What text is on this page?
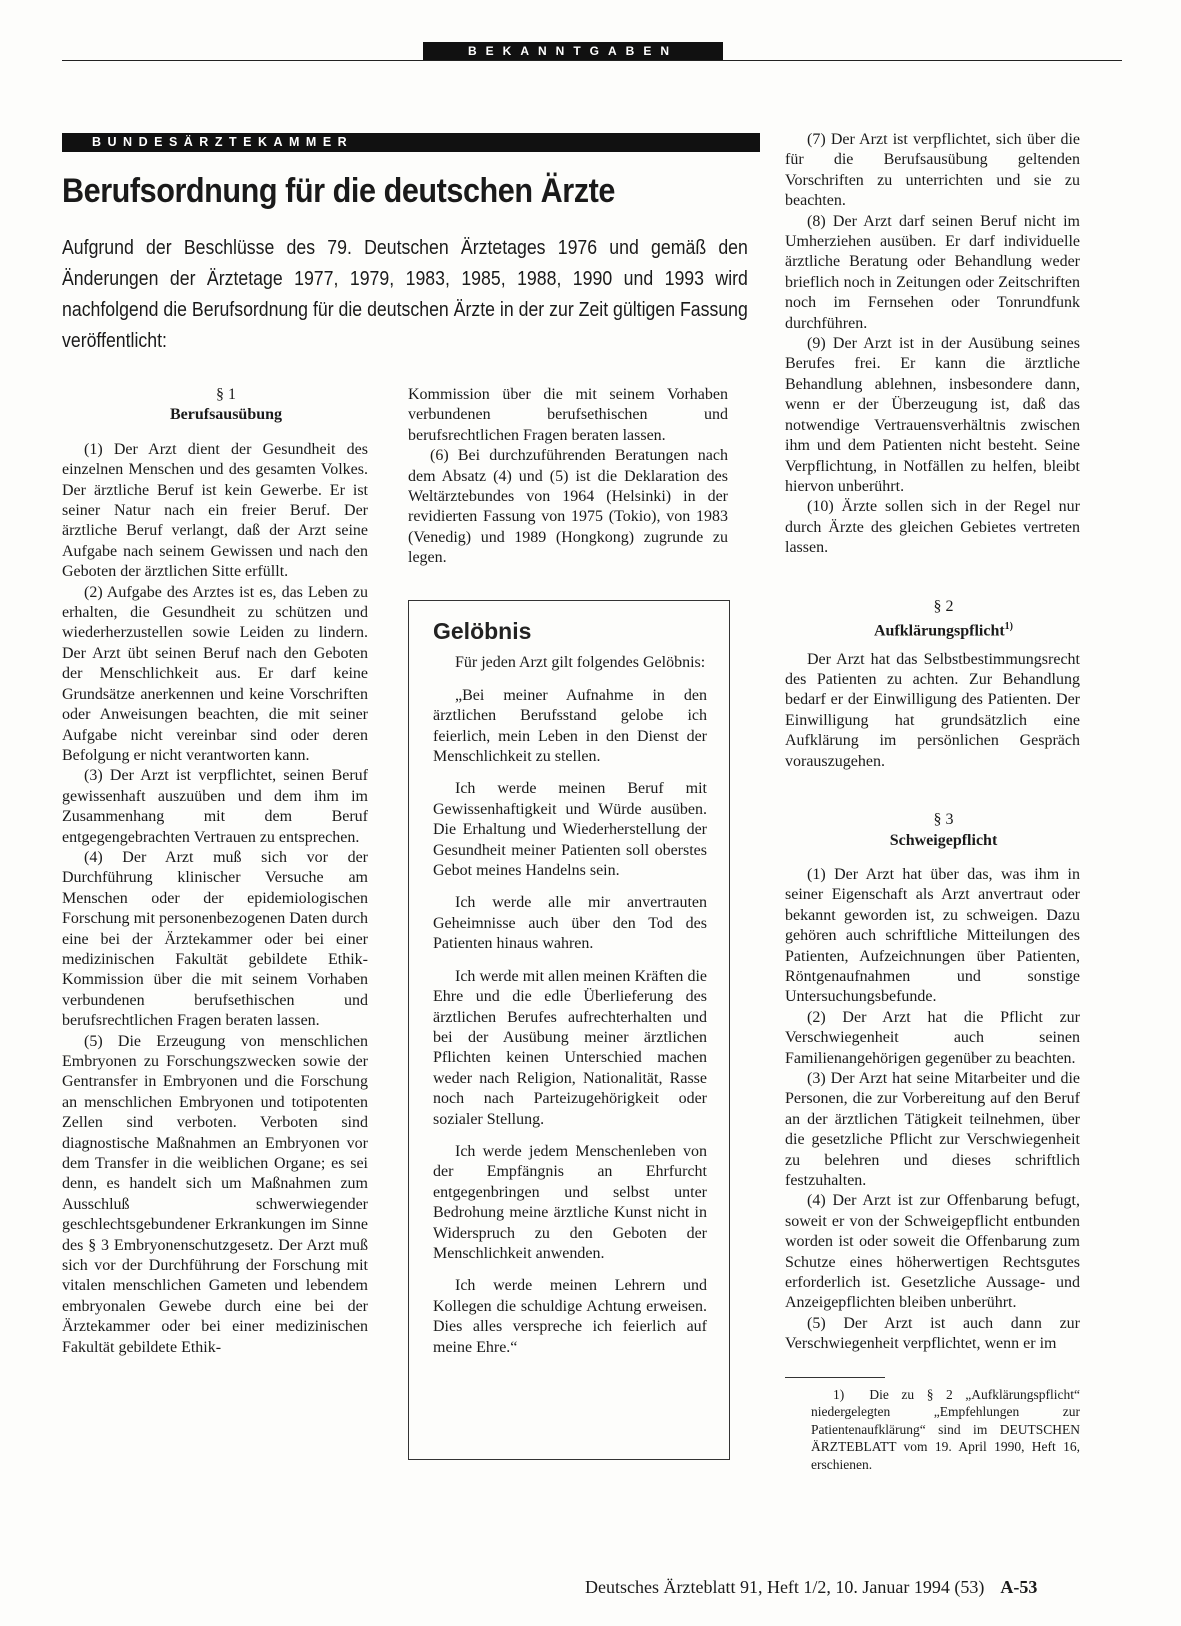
BEKANNTGABEN
BUNDESÄRZTEKAMMER
Berufsordnung für die deutschen Ärzte

Aufgrund der Beschlüsse des 79. Deutschen Ärztetages 1976 und gemäß den Änderungen der Ärztetage 1977, 1979, 1983, 1985, 1988, 1990 und 1993 wird nachfolgend die Berufsordnung für die deutschen Ärzte in der zur Zeit gültigen Fassung veröffentlicht:

§ 1

Berufsausübung

(1) Der Arzt dient der Gesundheit des einzelnen Menschen und des gesamten Volkes. Der ärztliche Beruf ist kein Gewerbe. Er ist seiner Natur nach ein freier Beruf. Der ärztliche Beruf verlangt, daß der Arzt seine Aufgabe nach seinem Gewissen und nach den Geboten der ärztlichen Sitte erfüllt.

(2) Aufgabe des Arztes ist es, das Leben zu erhalten, die Gesundheit zu schützen und wiederherzustellen sowie Leiden zu lindern. Der Arzt übt seinen Beruf nach den Geboten der Menschlichkeit aus. Er darf keine Grundsätze anerkennen und keine Vorschriften oder Anweisungen beachten, die mit seiner Aufgabe nicht vereinbar sind oder deren Befolgung er nicht verantworten kann.

(3) Der Arzt ist verpflichtet, seinen Beruf gewissenhaft auszuüben und dem ihm im Zusammenhang mit dem Beruf entgegengebrachten Vertrauen zu entsprechen.

(4) Der Arzt muß sich vor der Durchführung klinischer Versuche am Menschen oder der epidemiologischen Forschung mit personenbezogenen Daten durch eine bei der Ärztekammer oder bei einer medizinischen Fakultät gebildete Ethik-Kommission über die mit seinem Vorhaben verbundenen berufsethischen und berufsrechtlichen Fragen beraten lassen.

(5) Die Erzeugung von menschlichen Embryonen zu Forschungszwecken sowie der Gentransfer in Embryonen und die Forschung an menschlichen Embryonen und totipotenten Zellen sind verboten. Verboten sind diagnostische Maßnahmen an Embryonen vor dem Transfer in die weiblichen Organe; es sei denn, es handelt sich um Maßnahmen zum Ausschluß schwerwiegender geschlechtsgebundener Erkrankungen im Sinne des § 3 Embryonenschutzgesetz. Der Arzt muß sich vor der Durchführung der Forschung mit vitalen menschlichen Gameten und lebendem embryonalen Gewebe durch eine bei der Ärztekammer oder bei einer medizinischen Fakultät gebildete Ethik-

Kommission über die mit seinem Vorhaben verbundenen berufsethischen und berufsrechtlichen Fragen beraten lassen.

(6) Bei durchzuführenden Beratungen nach dem Absatz (4) und (5) ist die Deklaration des Weltärztebundes von 1964 (Helsinki) in der revidierten Fassung von 1975 (Tokio), von 1983 (Venedig) und 1989 (Hongkong) zugrunde zu legen.

Gelöbnis

Für jeden Arzt gilt folgendes Gelöbnis:

„Bei meiner Aufnahme in den ärztlichen Berufsstand gelobe ich feierlich, mein Leben in den Dienst der Menschlichkeit zu stellen.

Ich werde meinen Beruf mit Gewissenhaftigkeit und Würde ausüben. Die Erhaltung und Wiederherstellung der Gesundheit meiner Patienten soll oberstes Gebot meines Handelns sein.

Ich werde alle mir anvertrauten Geheimnisse auch über den Tod des Patienten hinaus wahren.

Ich werde mit allen meinen Kräften die Ehre und die edle Überlieferung des ärztlichen Berufes aufrechterhalten und bei der Ausübung meiner ärztlichen Pflichten keinen Unterschied machen weder nach Religion, Nationalität, Rasse noch nach Parteizugehörigkeit oder sozialer Stellung.

Ich werde jedem Menschenleben von der Empfängnis an Ehrfurcht entgegenbringen und selbst unter Bedrohung meine ärztliche Kunst nicht in Widerspruch zu den Geboten der Menschlichkeit anwenden.

Ich werde meinen Lehrern und Kollegen die schuldige Achtung erweisen. Dies alles verspreche ich feierlich auf meine Ehre.“

(7) Der Arzt ist verpflichtet, sich über die für die Berufsausübung geltenden Vorschriften zu unterrichten und sie zu beachten.

(8) Der Arzt darf seinen Beruf nicht im Umherziehen ausüben. Er darf individuelle ärztliche Beratung oder Behandlung weder brieflich noch in Zeitungen oder Zeitschriften noch im Fernsehen oder Tonrundfunk durchführen.

(9) Der Arzt ist in der Ausübung seines Berufes frei. Er kann die ärztliche Behandlung ablehnen, insbesondere dann, wenn er der Überzeugung ist, daß das notwendige Vertrauensverhältnis zwischen ihm und dem Patienten nicht besteht. Seine Verpflichtung, in Notfällen zu helfen, bleibt hiervon unberührt.

(10) Ärzte sollen sich in der Regel nur durch Ärzte des gleichen Gebietes vertreten lassen.

§ 2

Aufklärungspflicht$^{1)}$

Der Arzt hat das Selbstbestimmungsrecht des Patienten zu achten. Zur Behandlung bedarf er der Einwilligung des Patienten. Der Einwilligung hat grundsätzlich eine Aufklärung im persönlichen Gespräch vorauszugehen.

§ 3

Schweigepflicht

(1) Der Arzt hat über das, was ihm in seiner Eigenschaft als Arzt anvertraut oder bekannt geworden ist, zu schweigen. Dazu gehören auch schriftliche Mitteilungen des Patienten, Aufzeichnungen über Patienten, Röntgenaufnahmen und sonstige Untersuchungsbefunde.

(2) Der Arzt hat die Pflicht zur Verschwiegenheit auch seinen Familienangehörigen gegenüber zu beachten.

(3) Der Arzt hat seine Mitarbeiter und die Personen, die zur Vorbereitung auf den Beruf an der ärztlichen Tätigkeit teilnehmen, über die gesetzliche Pflicht zur Verschwiegenheit zu belehren und dieses schriftlich festzuhalten.

(4) Der Arzt ist zur Offenbarung befugt, soweit er von der Schweigepflicht entbunden worden ist oder soweit die Offenbarung zum Schutze eines höherwertigen Rechtsgutes erforderlich ist. Gesetzliche Aussage- und Anzeigepflichten bleiben unberührt.

(5) Der Arzt ist auch dann zur Verschwiegenheit verpflichtet, wenn er im

1) Die zu § 2 „Aufklärungspflicht“ niedergelegten „Empfehlungen zur Patientenaufklärung“ sind im DEUTSCHEN ÄRZTEBLATT vom 19. April 1990, Heft 16, erschienen.

Deutsches Ärzteblatt 91, Heft 1/2, 10. Januar 1994 (53) A-53
